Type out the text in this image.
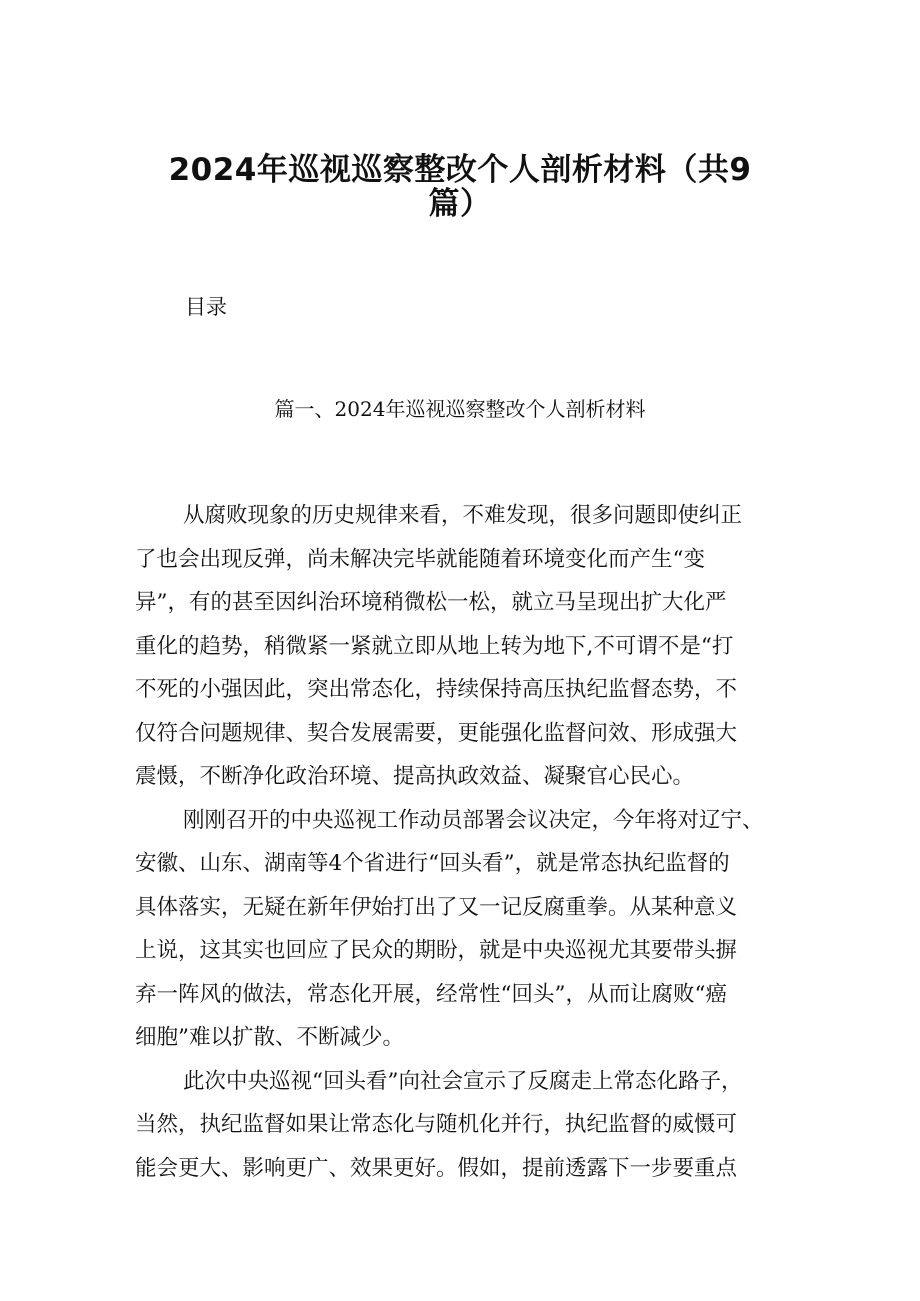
2024年巡视巡察整改个人剖析材料（共9
篇）

目录

篇一、2024年巡视巡察整改个人剖析材料

从腐败现象的历史规律来看，不难发现，很多问题即使纠正
了也会出现反弹，尚未解决完毕就能随着环境变化而产生“变
异”，有的甚至因纠治环境稍微松一松，就立马呈现出扩大化严
重化的趋势，稍微紧一紧就立即从地上转为地下,不可谓不是“打
不死的小强因此，突出常态化，持续保持高压执纪监督态势，不
仅符合问题规律、契合发展需要，更能强化监督问效、形成强大
震慑，不断净化政治环境、提高执政效益、凝聚官心民心。
刚刚召开的中央巡视工作动员部署会议决定，今年将对辽宁、
安徽、山东、湖南等4个省进行“回头看”，就是常态执纪监督的
具体落实，无疑在新年伊始打出了又一记反腐重拳。从某种意义
上说，这其实也回应了民众的期盼，就是中央巡视尤其要带头摒
弃一阵风的做法，常态化开展，经常性“回头”，从而让腐败“癌
细胞”难以扩散、不断减少。
此次中央巡视“回头看”向社会宣示了反腐走上常态化路子，
当然，执纪监督如果让常态化与随机化并行，执纪监督的威慑可
能会更大、影响更广、效果更好。假如，提前透露下一步要重点
